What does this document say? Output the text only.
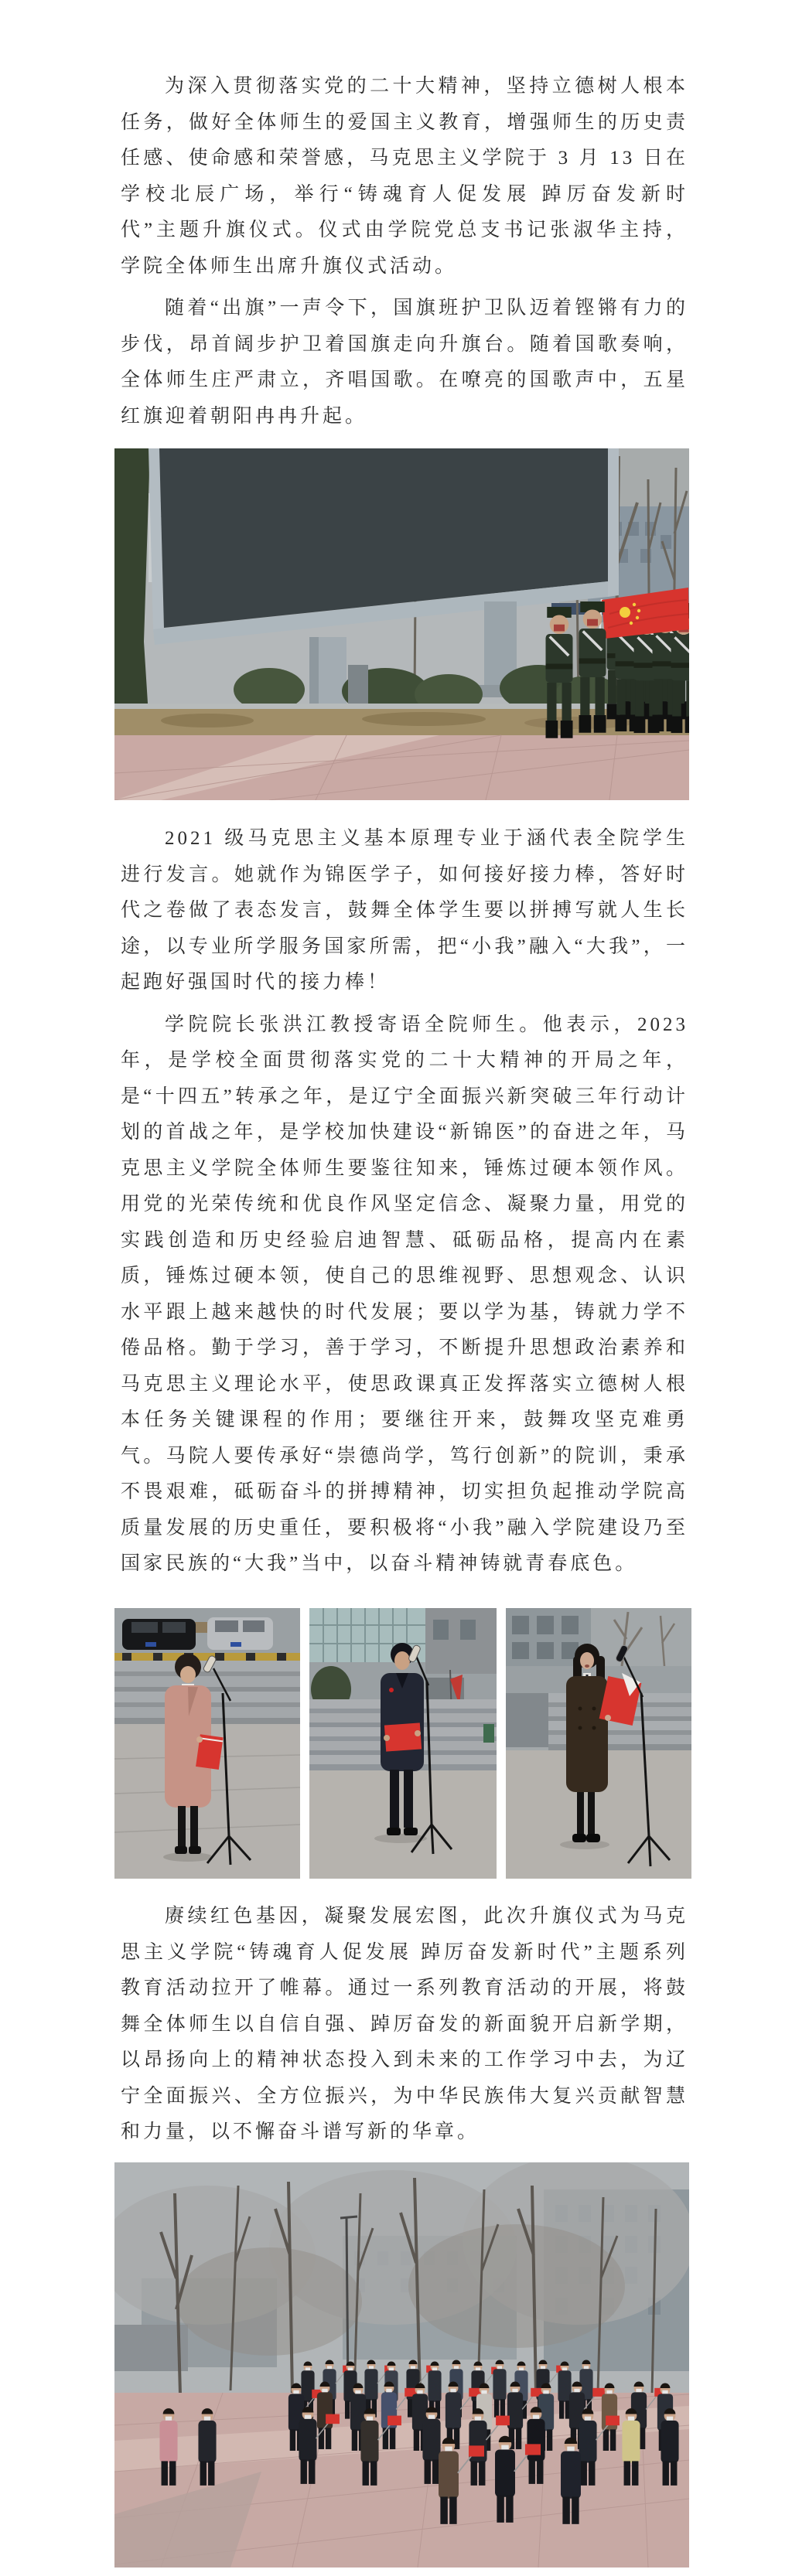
为深入贯彻落实党的二十大精神，坚持立德树人根本任务，做好全体师生的爱国主义教育，增强师生的历史责任感、使命感和荣誉感，马克思主义学院于 3 月 13 日在学校北辰广场，举行“铸魂育人促发展 踔厉奋发新时代”主题升旗仪式。仪式由学院党总支书记张淑华主持，学院全体师生出席升旗仪式活动。

随着“出旗”一声令下，国旗班护卫队迈着铿锵有力的步伐，昂首阔步护卫着国旗走向升旗台。随着国歌奏响，全体师生庄严肃立，齐唱国歌。在嘹亮的国歌声中，五星红旗迎着朝阳冉冉升起。

2021 级马克思主义基本原理专业于涵代表全院学生进行发言。她就作为锦医学子，如何接好接力棒，答好时代之卷做了表态发言，鼓舞全体学生要以拼搏写就人生长途，以专业所学服务国家所需，把“小我”融入“大我”，一起跑好强国时代的接力棒！

学院院长张洪江教授寄语全院师生。他表示，2023 年，是学校全面贯彻落实党的二十大精神的开局之年，是“十四五”转承之年，是辽宁全面振兴新突破三年行动计划的首战之年，是学校加快建设“新锦医”的奋进之年，马克思主义学院全体师生要鉴往知来，锤炼过硬本领作风。用党的光荣传统和优良作风坚定信念、凝聚力量，用党的实践创造和历史经验启迪智慧、砥砺品格，提高内在素质，锤炼过硬本领，使自己的思维视野、思想观念、认识水平跟上越来越快的时代发展；要以学为基，铸就力学不倦品格。勤于学习，善于学习，不断提升思想政治素养和马克思主义理论水平，使思政课真正发挥落实立德树人根本任务关键课程的作用；要继往开来，鼓舞攻坚克难勇气。马院人要传承好“崇德尚学，笃行创新”的院训，秉承不畏艰难，砥砺奋斗的拼搏精神，切实担负起推动学院高质量发展的历史重任，要积极将“小我”融入学院建设乃至国家民族的“大我”当中，以奋斗精神铸就青春底色。

赓续红色基因，凝聚发展宏图，此次升旗仪式为马克思主义学院“铸魂育人促发展 踔厉奋发新时代”主题系列教育活动拉开了帷幕。通过一系列教育活动的开展，将鼓舞全体师生以自信自强、踔厉奋发的新面貌开启新学期，以昂扬向上的精神状态投入到未来的工作学习中去，为辽宁全面振兴、全方位振兴，为中华民族伟大复兴贡献智慧和力量，以不懈奋斗谱写新的华章。
